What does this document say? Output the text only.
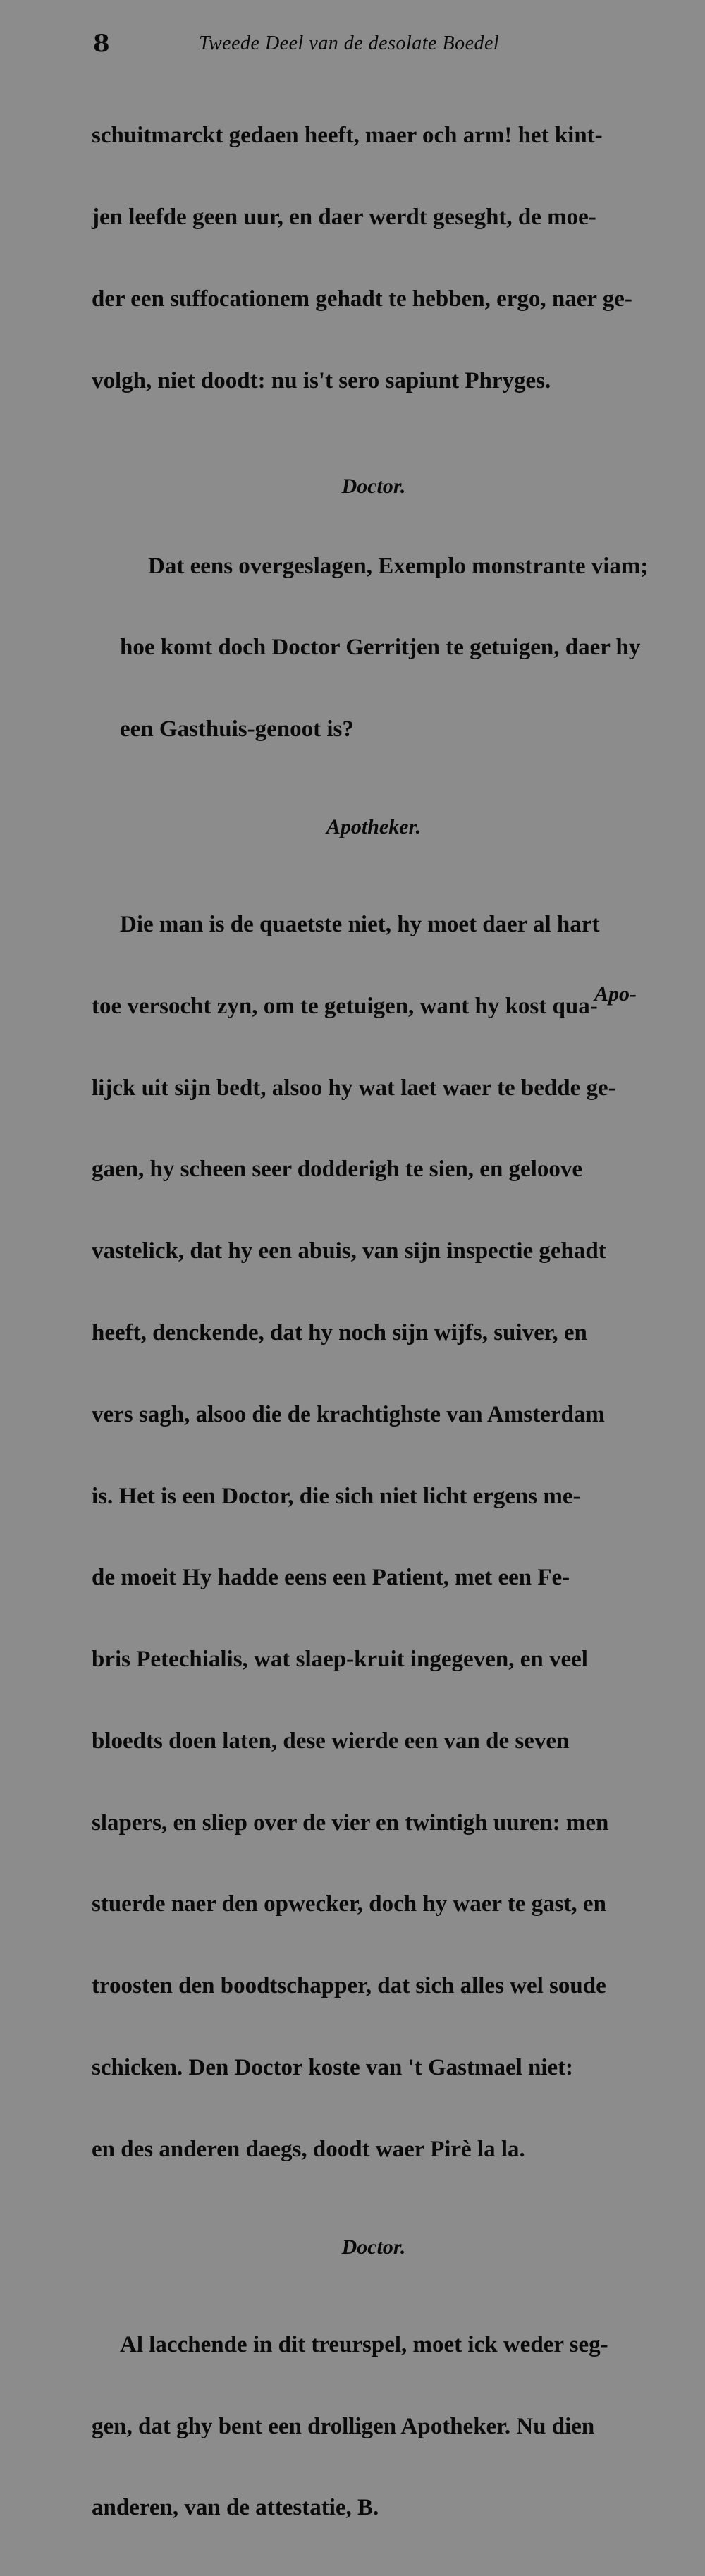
8	Tweede Deel van de desolate Boedel

schuitmarckt gedaen heeft, maer och arm! het kint-

jen leefde geen uur, en daer werdt geseght, de moe-

der een suffocationem gehadt te hebben, ergo, naer ge-

volgh, niet doodt: nu is't sero sapiunt Phryges.

Doctor.

Dat eens overgeslagen, Exemplo monstrante viam;

hoe komt doch Doctor Gerritjen te getuigen, daer hy

een Gasthuis-genoot is?

Apotheker.

Die man is de quaetste niet, hy moet daer al hart

toe versocht zyn, om te getuigen, want hy kost qua-

lijck uit sijn bedt, alsoo hy wat laet waer te bedde ge-

gaen, hy scheen seer dodderigh te sien, en geloove

vastelick, dat hy een abuis, van sijn inspectie gehadt

heeft, denckende, dat hy noch sijn wijfs, suiver, en

vers sagh, alsoo die de krachtighste van Amsterdam

is. Het is een Doctor, die sich niet licht ergens me-

de moeit Hy hadde eens een Patient, met een Fe-

bris Petechialis, wat slaep-kruit ingegeven, en veel

bloedts doen laten, dese wierde een van de seven

slapers, en sliep over de vier en twintigh uuren: men

stuerde naer den opwecker, doch hy waer te gast, en

troosten den boodtschapper, dat sich alles wel soude

schicken. Den Doctor koste van 't Gastmael niet:

en des anderen daegs, doodt waer Pirè la la.

Doctor.

Al lacchende in dit treurspel, moet ick weder seg-

gen, dat ghy bent een drolligen Apotheker. Nu dien

anderen, van de attestatie, B.

Apo-
